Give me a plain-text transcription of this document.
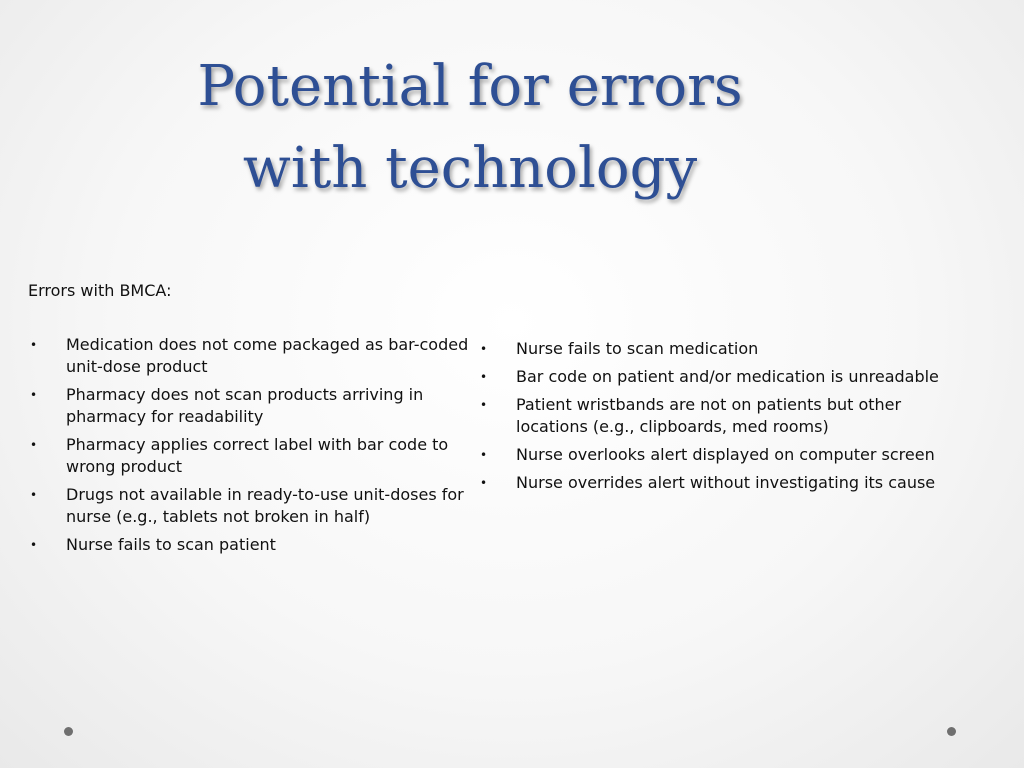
Potential for errors
with technology
Errors with BMCA:
• Medication does not come packaged as bar-coded unit-dose product
• Pharmacy does not scan products arriving in pharmacy for readability
• Pharmacy applies correct label with bar code to wrong product
• Drugs not available in ready-to-use unit-doses for nurse (e.g., tablets not broken in half)
• Nurse fails to scan patient
• Nurse fails to scan medication
• Bar code on patient and/or medication is unreadable
• Patient wristbands are not on patients but other locations (e.g., clipboards, med rooms)
• Nurse overlooks alert displayed on computer screen
• Nurse overrides alert without investigating its cause
